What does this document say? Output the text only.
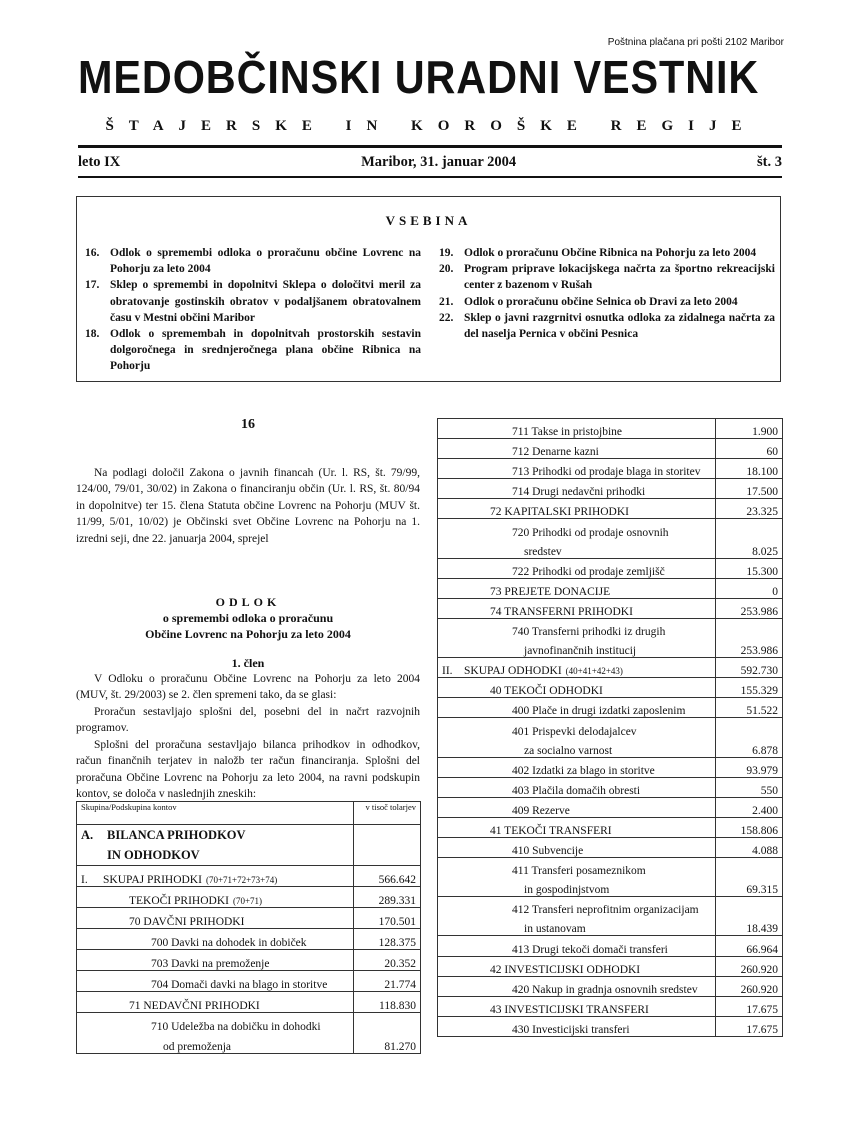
Poštnina plačana pri pošti 2102 Maribor
MEDOBČINSKI URADNI VESTNIK
ŠTAJERSKE IN KOROŠKE REGIJE
leto IX	Maribor, 31. januar 2004	št. 3
VSEBINA
16. Odlok o spremembi odloka o proračunu občine Lovrenc na Pohorju za leto 2004
17. Sklep o spremembi in dopolnitvi Sklepa o določitvi meril za obratovanje gostinskih obratov v podaljšanem obratovalnem času v Mestni občini Maribor
18. Odlok o spremembah in dopolnitvah prostorskih sestavin dolgoročnega in srednjeročnega plana občine Ribnica na Pohorju
19. Odlok o proračunu Občine Ribnica na Pohorju za leto 2004
20. Program priprave lokacijskega načrta za športno rekreacijski center z bazenom v Rušah
21. Odlok o proračunu občine Selnica ob Dravi za leto 2004
22. Sklep o javni razgrnitvi osnutka odloka za zidalnega načrta za del naselja Pernica v občini Pesnica
16
Na podlagi določil Zakona o javnih financah (Ur. l. RS, št. 79/99, 124/00, 79/01, 30/02) in Zakona o financiranju občin (Ur. l. RS, št. 80/94 in dopolnitve) ter 15. člena Statuta občine Lovrenc na Pohorju (MUV št. 11/99, 5/01, 10/02) je Občinski svet Občine Lovrenc na Pohorju na 1. izredni seji, dne 22. januarja 2004, sprejel
ODLOK
o spremembi odloka o proračunu
Občine Lovrenc na Pohorju za leto 2004
1. člen
V Odloku o proračunu Občine Lovrenc na Pohorju za leto 2004 (MUV, št. 29/2003) se 2. člen spremeni tako, da se glasi:
Proračun sestavljajo splošni del, posebni del in načrt razvojnih programov.
Splošni del proračuna sestavljajo bilanca prihodkov in odhodkov, račun finančnih terjatev in naložb ter račun financiranja. Splošni del proračuna Občine Lovrenc na Pohorju za leto 2004, na ravni podskupin kontov, se določa v naslednjih zneskih:
Skupina/Podskupina kontov		v tisoč tolarjev
A.	BILANCA PRIHODKOV
IN ODHODKOV	

I.	SKUPAJ PRIHODKI (70+71+72+73+74)	566.642
	TEKOČI PRIHODKI (70+71)	289.331
	70 DAVČNI PRIHODKI	170.501
	700 Davki na dohodek in dobiček	128.375
	703 Davki na premoženje	20.352
	704 Domači davki na blago in storitve	21.774
	71 NEDAVČNI PRIHODKI	118.830
	710 Udeležba na dobičku in dohodki	
	od premoženja	81.270
	711 Takse in pristojbine	1.900
	712 Denarne kazni	60
	713 Prihodki od prodaje blaga in storitev	18.100
	714 Drugi nedavčni prihodki	17.500
	72 KAPITALSKI PRIHODKI	23.325
	720 Prihodki od prodaje osnovnih	
	sredstev	8.025
	722 Prihodki od prodaje zemljišč	15.300
	73 PREJETE DONACIJE	0
	74 TRANSFERNI PRIHODKI	253.986
	740 Transferni prihodki iz drugih	
	javnofinančnih institucij	253.986
II.	SKUPAJ ODHODKI (40+41+42+43)	592.730
	40 TEKOČI ODHODKI	155.329
	400 Plače in drugi izdatki zaposlenim	51.522
	401 Prispevki delodajalcev	
	za socialno varnost	6.878
	402 Izdatki za blago in storitve	93.979
	403 Plačila domačih obresti	550
	409 Rezerve	2.400
	41 TEKOČI TRANSFERI	158.806
	410 Subvencije	4.088
	411 Transferi posameznikom	
	in gospodinjstvom	69.315
	412 Transferi neprofitnim organizacijam	
	in ustanovam	18.439
	413 Drugi tekoči domači transferi	66.964
	42 INVESTICIJSKI ODHODKI	260.920
	420 Nakup in gradnja osnovnih sredstev	260.920
	43 INVESTICIJSKI TRANSFERI	17.675
	430 Investicijski transferi	17.675
